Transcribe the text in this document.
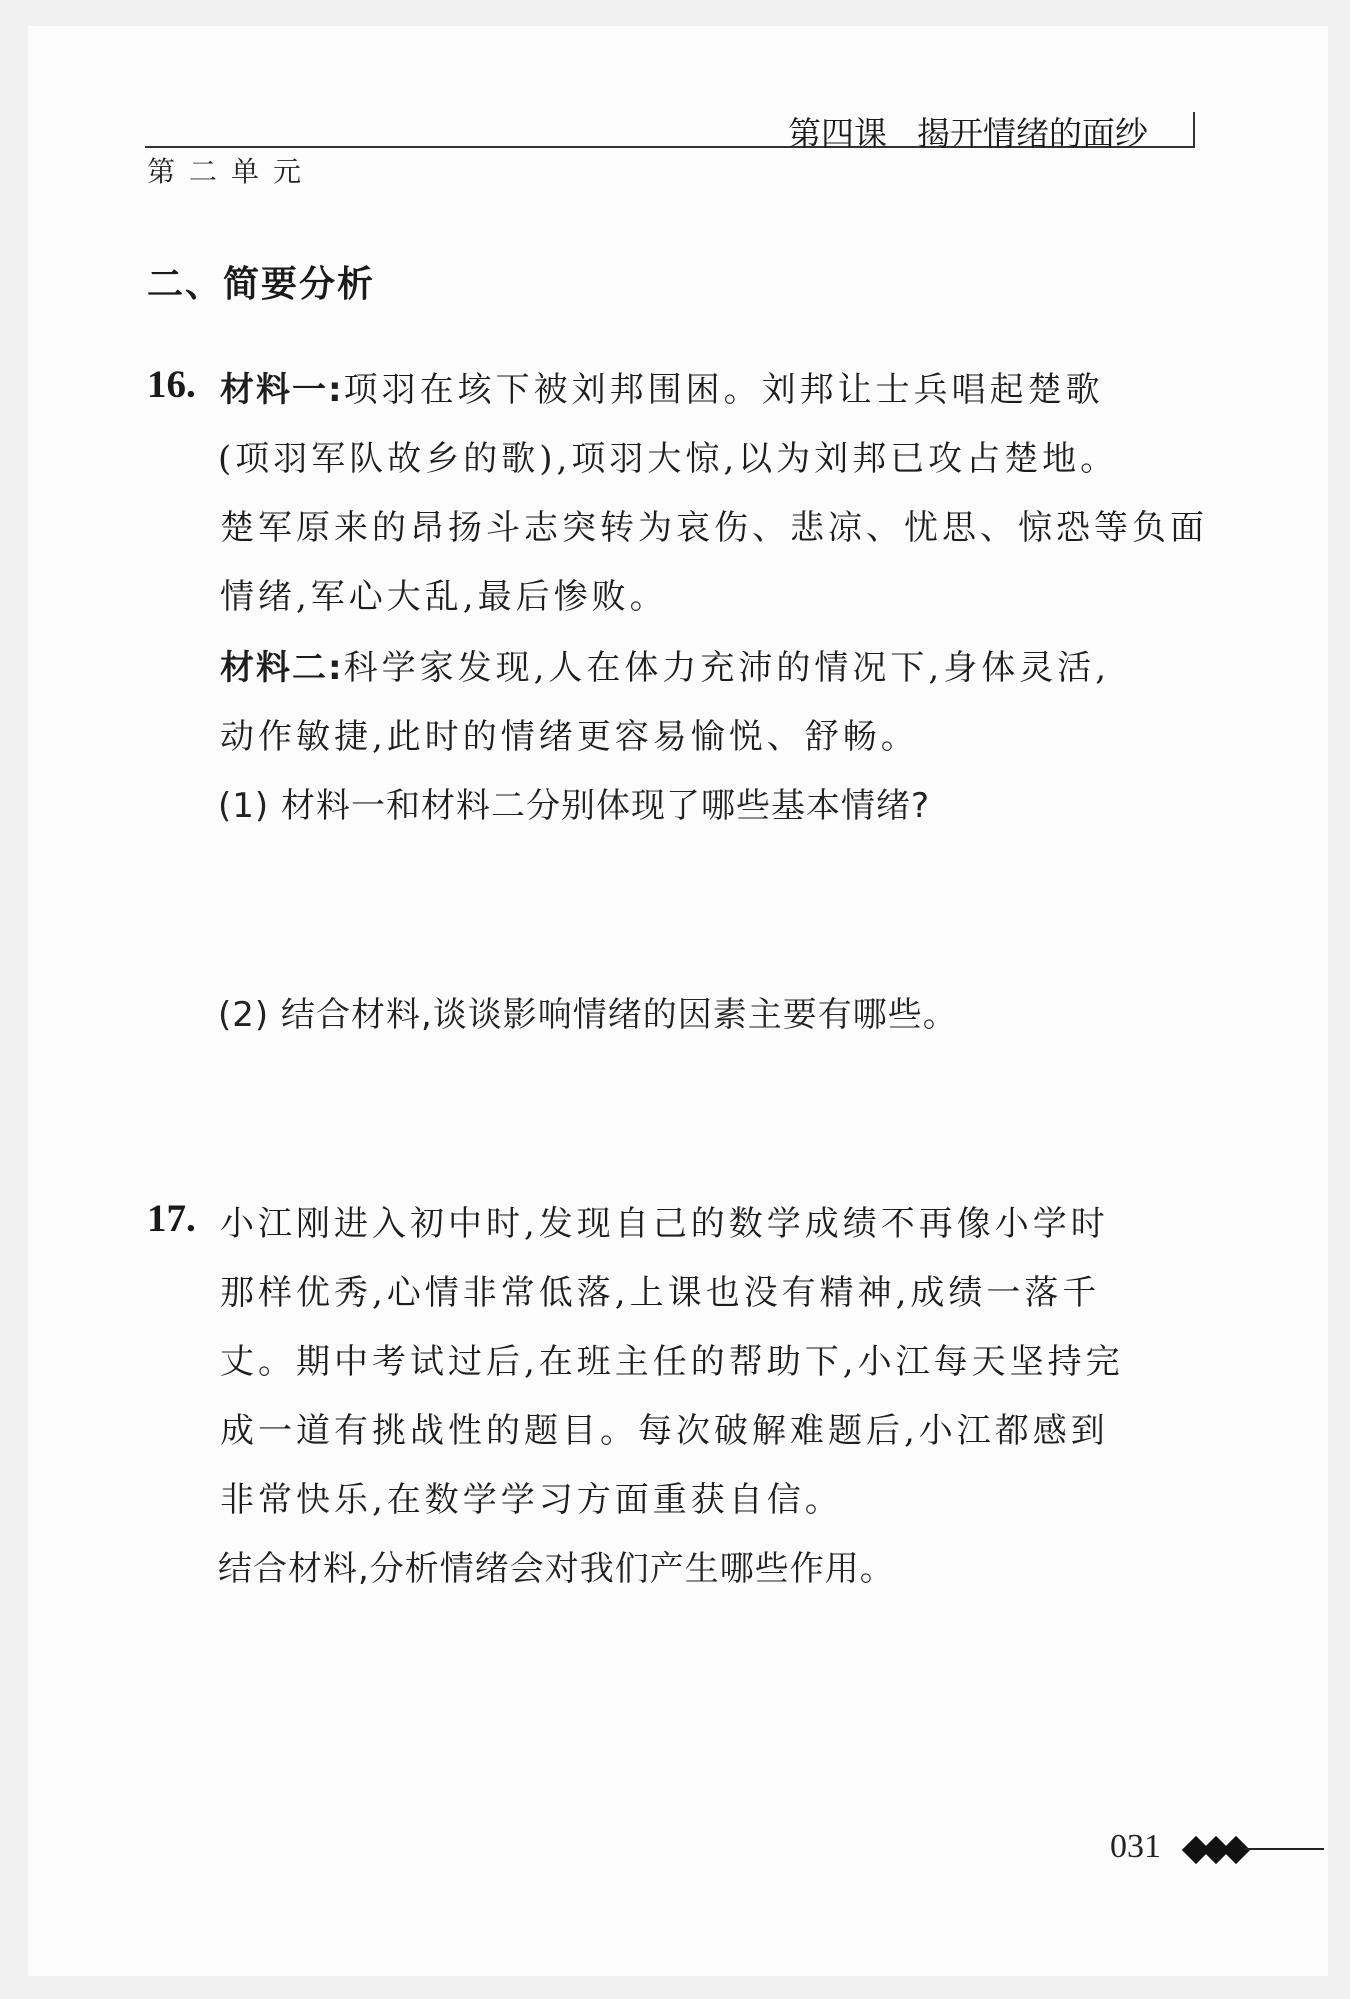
第四课 揭开情绪的面纱
第二单元
二、简要分析
16. 材料一:项羽在垓下被刘邦围困。刘邦让士兵唱起楚歌
(项羽军队故乡的歌),项羽大惊,以为刘邦已攻占楚地。
楚军原来的昂扬斗志突转为哀伤、悲凉、忧思、惊恐等负面
情绪,军心大乱,最后惨败。
材料二:科学家发现,人在体力充沛的情况下,身体灵活,
动作敏捷,此时的情绪更容易愉悦、舒畅。
(1) 材料一和材料二分别体现了哪些基本情绪?
(2) 结合材料,谈谈影响情绪的因素主要有哪些。
17. 小江刚进入初中时,发现自己的数学成绩不再像小学时
那样优秀,心情非常低落,上课也没有精神,成绩一落千
丈。期中考试过后,在班主任的帮助下,小江每天坚持完
成一道有挑战性的题目。每次破解难题后,小江都感到
非常快乐,在数学学习方面重获自信。
结合材料,分析情绪会对我们产生哪些作用。
031
